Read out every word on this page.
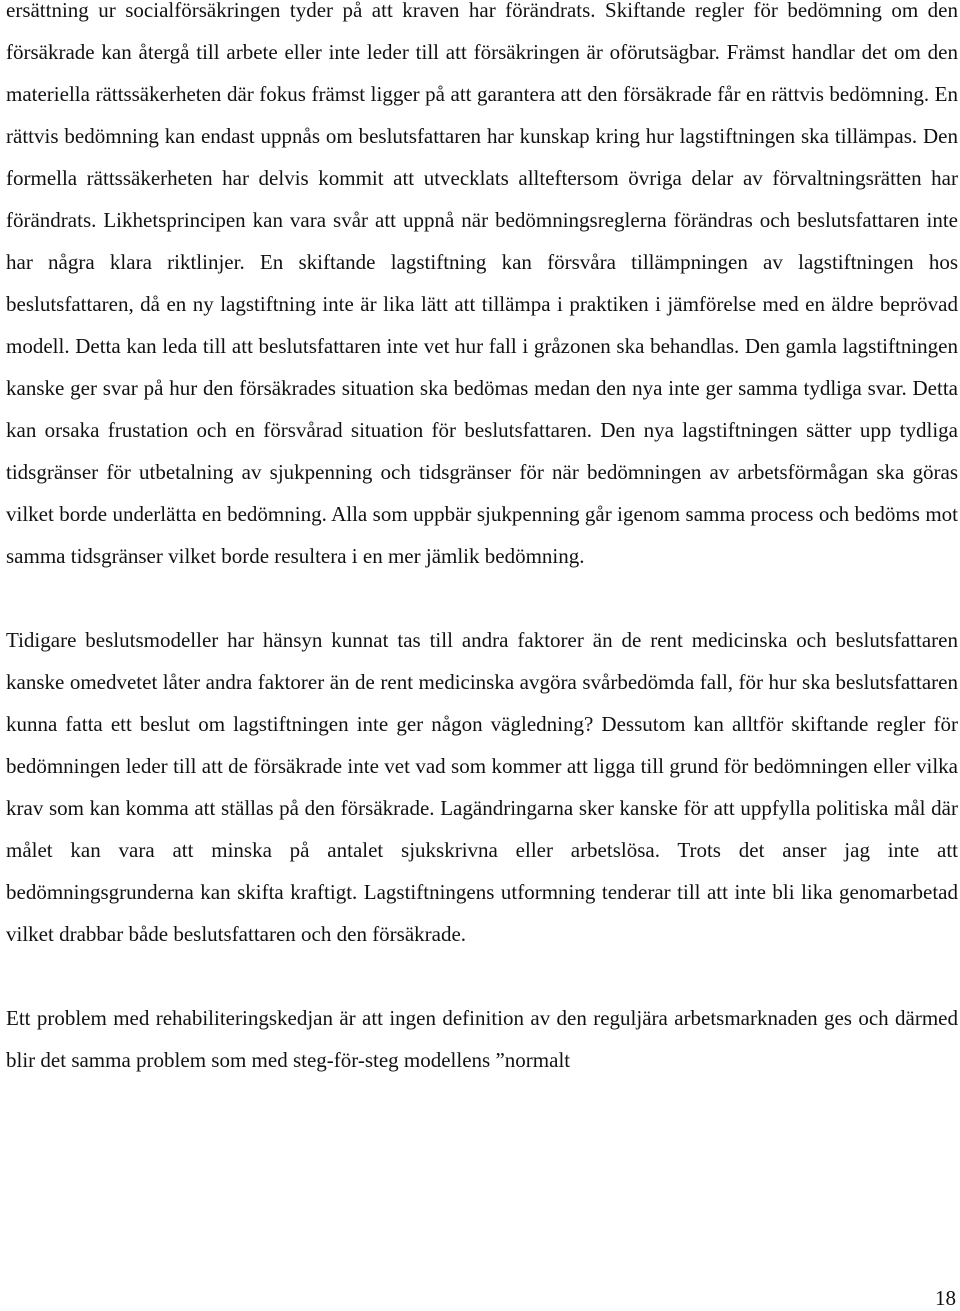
ersättning ur socialförsäkringen tyder på att kraven har förändrats. Skiftande regler för bedömning om den försäkrade kan återgå till arbete eller inte leder till att försäkringen är oförutsägbar. Främst handlar det om den materiella rättssäkerheten där fokus främst ligger på att garantera att den försäkrade får en rättvis bedömning. En rättvis bedömning kan endast uppnås om beslutsfattaren har kunskap kring hur lagstiftningen ska tillämpas. Den formella rättssäkerheten har delvis kommit att utvecklats allteftersom övriga delar av förvaltningsrätten har förändrats. Likhetsprincipen kan vara svår att uppnå när bedömningsreglerna förändras och beslutsfattaren inte har några klara riktlinjer. En skiftande lagstiftning kan försvåra tillämpningen av lagstiftningen hos beslutsfattaren, då en ny lagstiftning inte är lika lätt att tillämpa i praktiken i jämförelse med en äldre beprövad modell. Detta kan leda till att beslutsfattaren inte vet hur fall i gråzonen ska behandlas. Den gamla lagstiftningen kanske ger svar på hur den försäkrades situation ska bedömas medan den nya inte ger samma tydliga svar. Detta kan orsaka frustation och en försvårad situation för beslutsfattaren. Den nya lagstiftningen sätter upp tydliga tidsgränser för utbetalning av sjukpenning och tidsgränser för när bedömningen av arbetsförmågan ska göras vilket borde underlätta en bedömning. Alla som uppbär sjukpenning går igenom samma process och bedöms mot samma tidsgränser vilket borde resultera i en mer jämlik bedömning.

Tidigare beslutsmodeller har hänsyn kunnat tas till andra faktorer än de rent medicinska och beslutsfattaren kanske omedvetet låter andra faktorer än de rent medicinska avgöra svårbedömda fall, för hur ska beslutsfattaren kunna fatta ett beslut om lagstiftningen inte ger någon vägledning? Dessutom kan alltför skiftande regler för bedömningen leder till att de försäkrade inte vet vad som kommer att ligga till grund för bedömningen eller vilka krav som kan komma att ställas på den försäkrade. Lagändringarna sker kanske för att uppfylla politiska mål där målet kan vara att minska på antalet sjukskrivna eller arbetslösa. Trots det anser jag inte att bedömningsgrunderna kan skifta kraftigt. Lagstiftningens utformning tenderar till att inte bli lika genomarbetad vilket drabbar både beslutsfattaren och den försäkrade.

Ett problem med rehabiliteringskedjan är att ingen definition av den reguljära arbetsmarknaden ges och därmed blir det samma problem som med steg-för-steg modellens ”normalt

18
